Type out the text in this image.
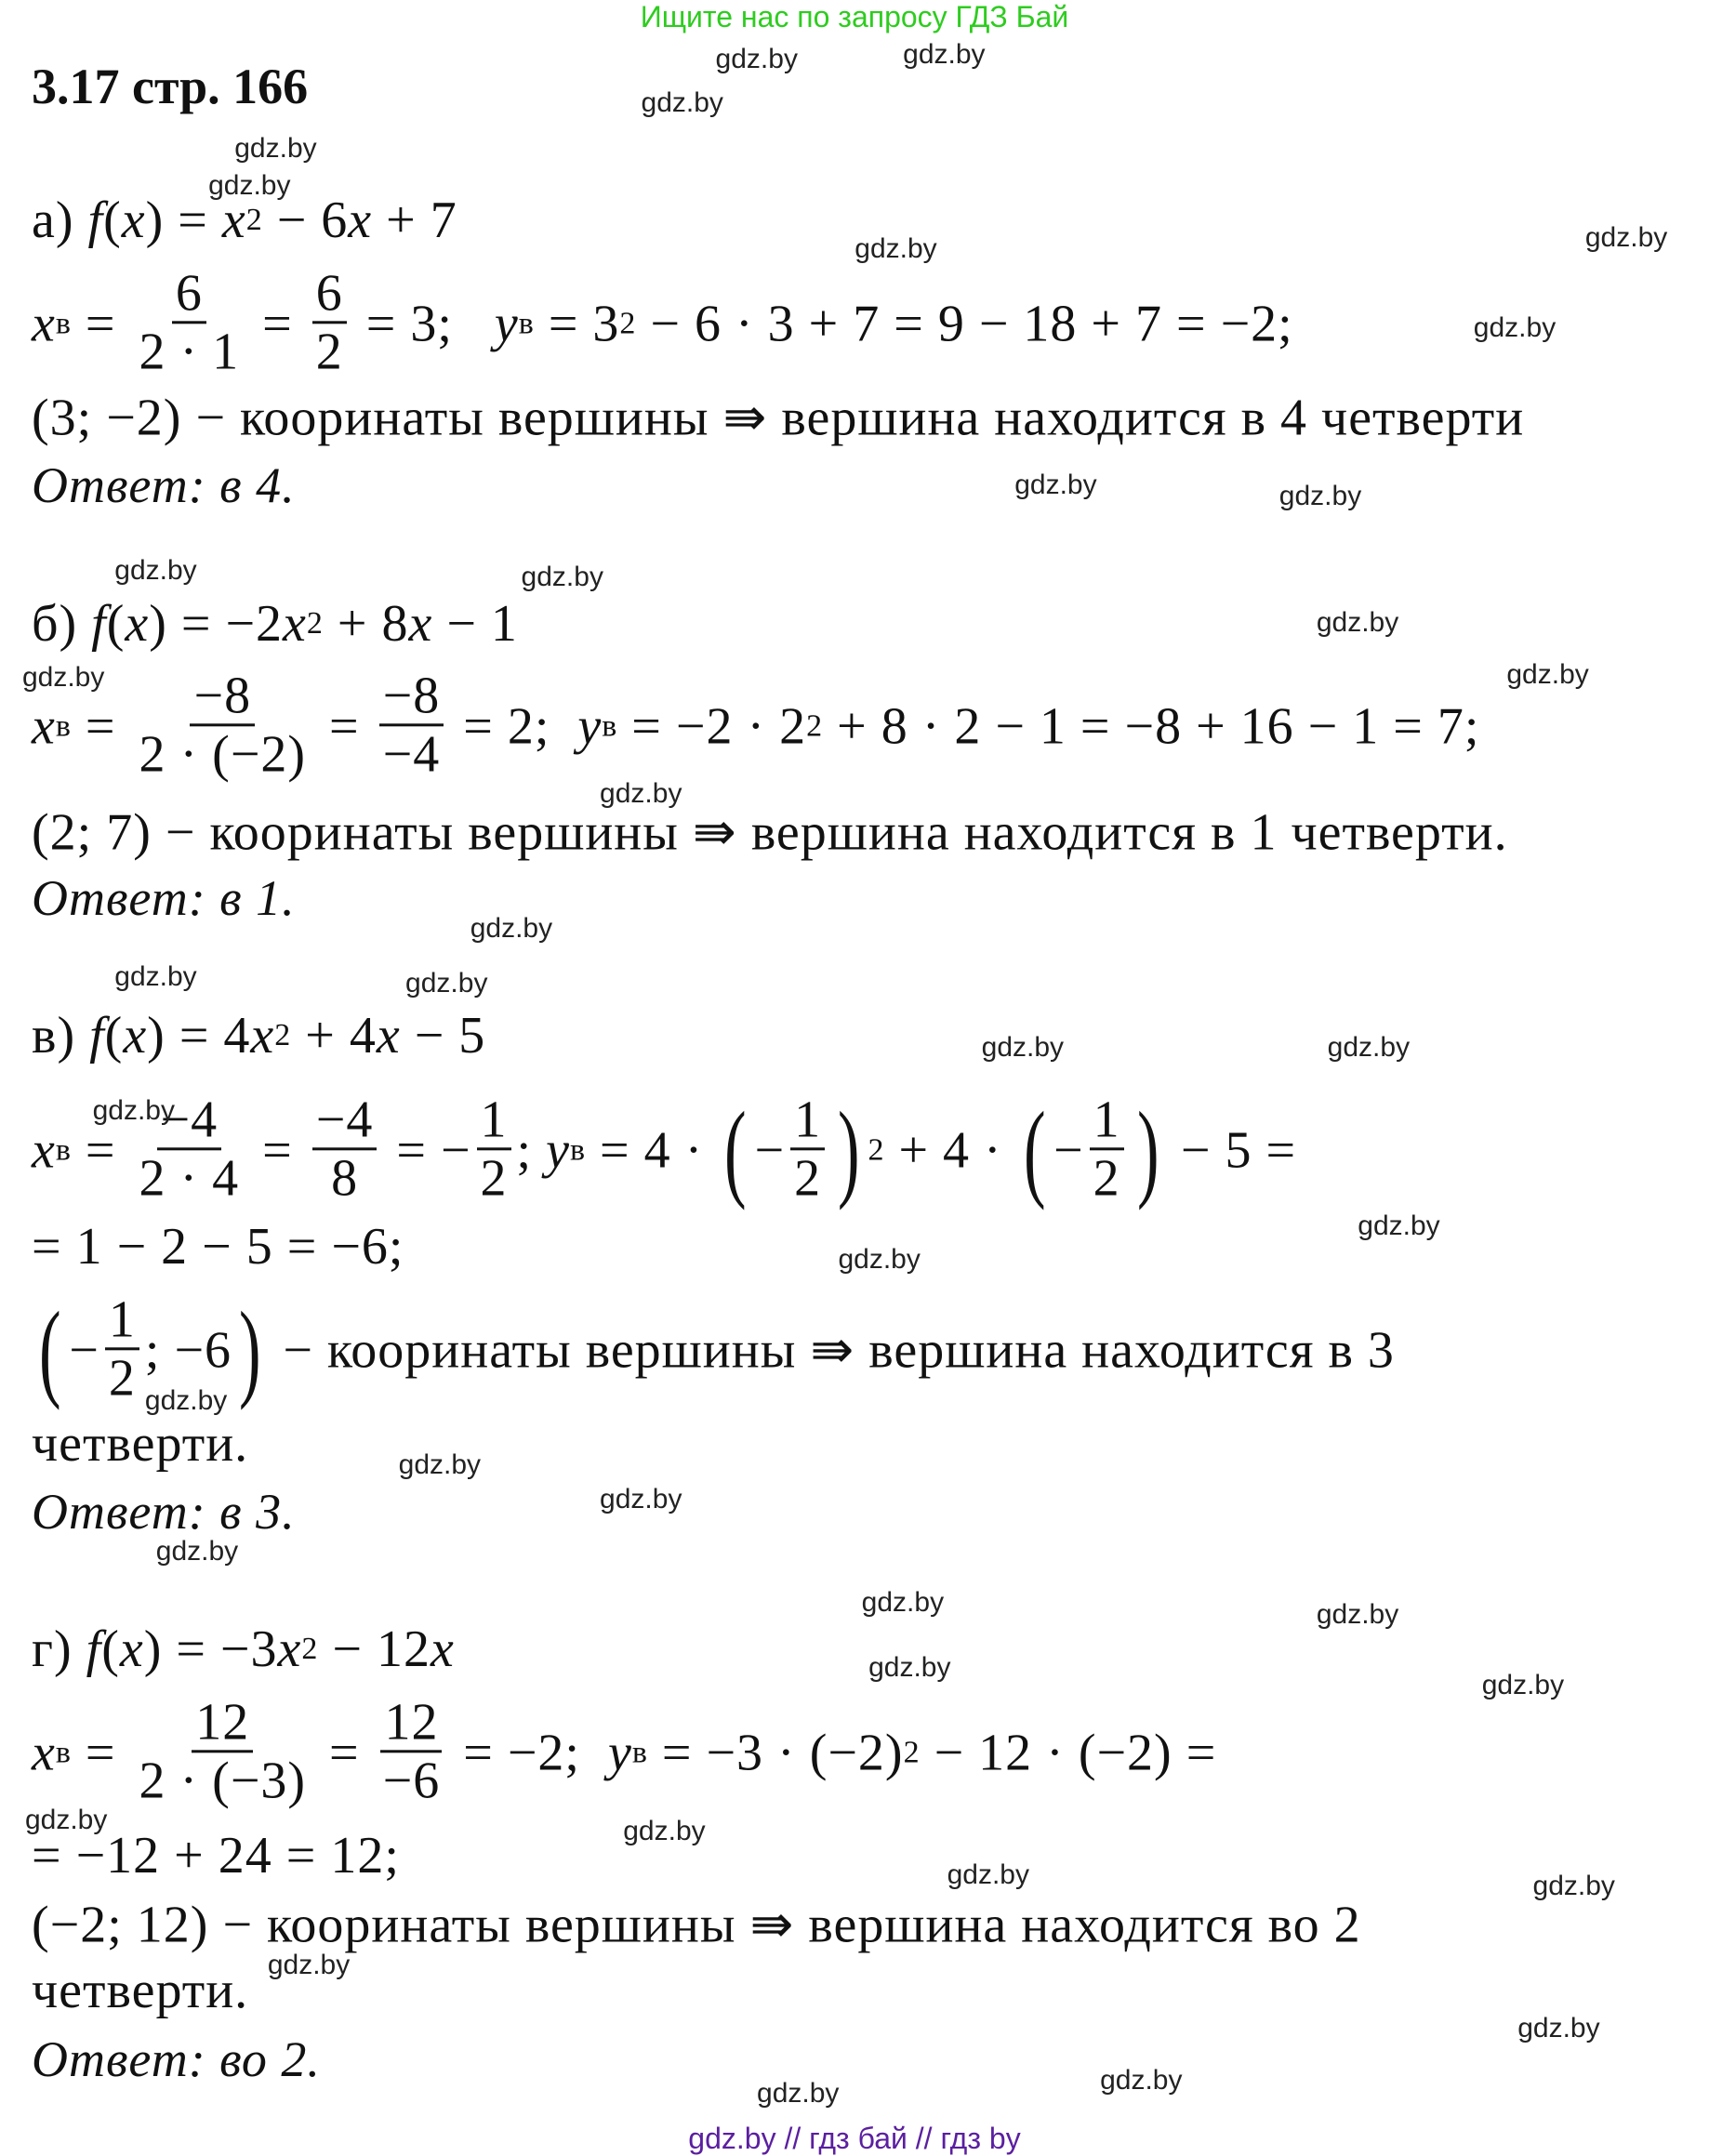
Ищите нас по запросу ГДЗ Бай
3.17 стр. 166
а) f ( x ) = x 2 − 6 x + 7
x $в = \frac{6}{2 \cdot 1} = \frac{6}{2} = 3$; y в = 3 2 − 6 · 3 + 7 = 9 − 18 + 7 = −2;
(3; −2) − кооринаты вершины ⇛ вершина находится в 4 четверти
Ответ: в 4.
б) f ( x ) = −2 x 2 + 8 x − 1
x $в = \frac{-8}{2 \cdot (-2)} = \frac{-8}{-4} = 2$; y в = −2 · 2 2 + 8 · 2 − 1 = −8 + 16 − 1 = 7;
(2; 7) − кооринаты вершины ⇛ вершина находится в 1 четверти.
Ответ: в 1.
в) f ( x ) = 4 x 2 + 4 x − 5
x $в = \frac{-4}{2 \cdot 4} = \frac{-4}{8}$ = − $\frac{1}{2}$ ; y в = 4 · ( − $\frac{1}{2}$ ) 2 + 4 · ( − $\frac{1}{2}$ ) − 5 =
= 1 − 2 − 5 = −6;
( − $\frac{1}{2}$ ; −6 ) − кооринаты вершины ⇛ вершина находится в 3
четверти.
Ответ: в 3.
г) f ( x ) = −3 x 2 − 12 x
x $в = \frac{12}{2 \cdot (-3)} = \frac{12}{-6} = -2$; y в = −3 · (−2) 2 − 12 · (−2) =
= −12 + 24 = 12;
(−2; 12) − кооринаты вершины ⇛ вершина находится во 2
четверти.
Ответ: во 2.
gdz.by	gdz.by
gdz.by
gdz.by
gdz.by
gdz.by	gdz.by
gdz.by
gdz.by	gdz.by
gdz.by	gdz.by
gdz.by
gdz.by	gdz.by
gdz.by
gdz.by
gdz.by	gdz.by
gdz.by	gdz.by
gdz.by
gdz.by
gdz.by
gdz.by
gdz.by
gdz.by
gdz.by
gdz.by	gdz.by
gdz.by
gdz.by
gdz.by	gdz.by
gdz.by	gdz.by
gdz.by
gdz.by
gdz.by	gdz.by
gdz.by // гдз бай // гдз by
